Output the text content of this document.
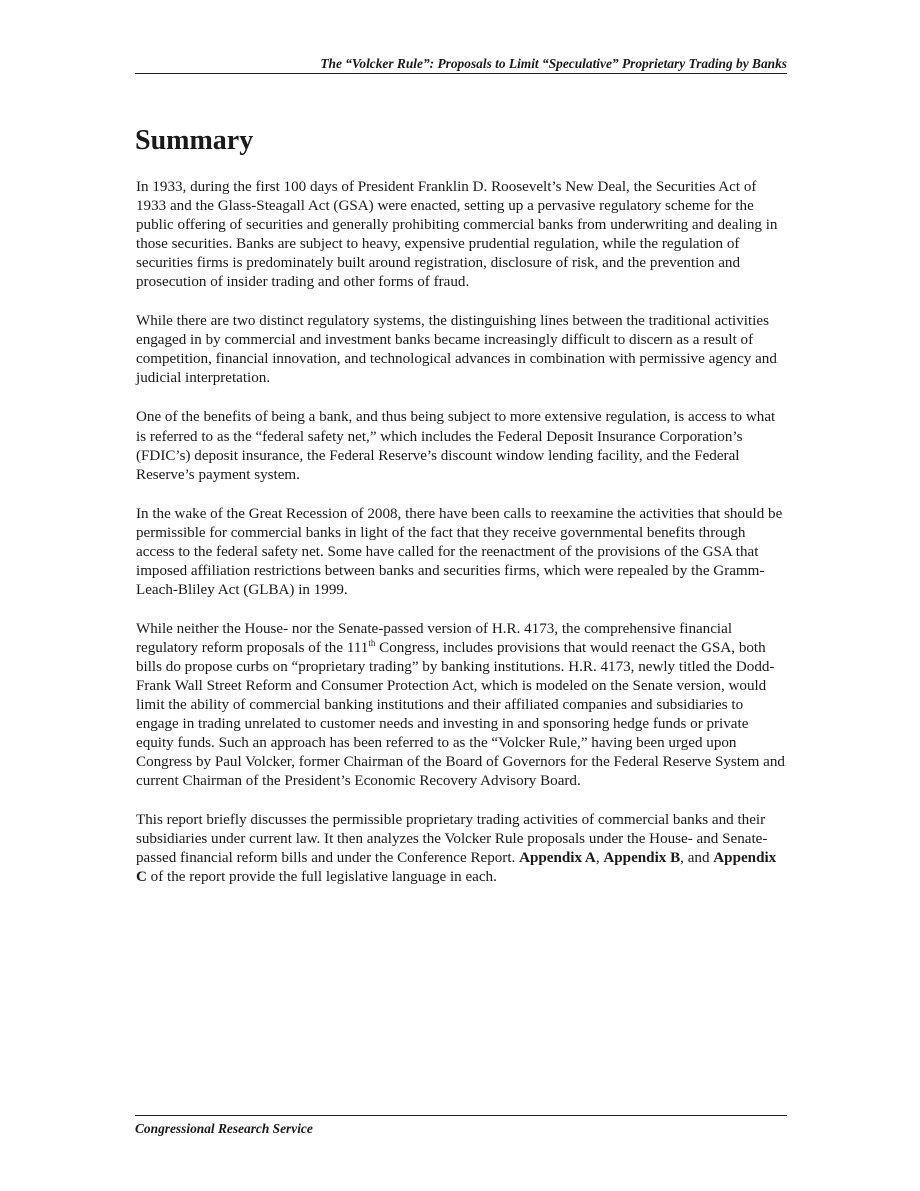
The “Volcker Rule”: Proposals to Limit “Speculative” Proprietary Trading by Banks
Summary

In 1933, during the first 100 days of President Franklin D. Roosevelt’s New Deal, the Securities Act of 1933 and the Glass-Steagall Act (GSA) were enacted, setting up a pervasive regulatory scheme for the public offering of securities and generally prohibiting commercial banks from underwriting and dealing in those securities. Banks are subject to heavy, expensive prudential regulation, while the regulation of securities firms is predominately built around registration, disclosure of risk, and the prevention and prosecution of insider trading and other forms of fraud.

While there are two distinct regulatory systems, the distinguishing lines between the traditional activities engaged in by commercial and investment banks became increasingly difficult to discern as a result of competition, financial innovation, and technological advances in combination with permissive agency and judicial interpretation.

One of the benefits of being a bank, and thus being subject to more extensive regulation, is access to what is referred to as the “federal safety net,” which includes the Federal Deposit Insurance Corporation’s (FDIC’s) deposit insurance, the Federal Reserve’s discount window lending facility, and the Federal Reserve’s payment system.

In the wake of the Great Recession of 2008, there have been calls to reexamine the activities that should be permissible for commercial banks in light of the fact that they receive governmental benefits through access to the federal safety net. Some have called for the reenactment of the provisions of the GSA that imposed affiliation restrictions between banks and securities firms, which were repealed by the Gramm-Leach-Bliley Act (GLBA) in 1999.

While neither the House- nor the Senate-passed version of H.R. 4173, the comprehensive financial regulatory reform proposals of the 111th Congress, includes provisions that would reenact the GSA, both bills do propose curbs on “proprietary trading” by banking institutions. H.R. 4173, newly titled the Dodd-Frank Wall Street Reform and Consumer Protection Act, which is modeled on the Senate version, would limit the ability of commercial banking institutions and their affiliated companies and subsidiaries to engage in trading unrelated to customer needs and investing in and sponsoring hedge funds or private equity funds. Such an approach has been referred to as the “Volcker Rule,” having been urged upon Congress by Paul Volcker, former Chairman of the Board of Governors for the Federal Reserve System and current Chairman of the President’s Economic Recovery Advisory Board.

This report briefly discusses the permissible proprietary trading activities of commercial banks and their subsidiaries under current law. It then analyzes the Volcker Rule proposals under the House- and Senate-passed financial reform bills and under the Conference Report. Appendix A, Appendix B, and Appendix C of the report provide the full legislative language in each.

Congressional Research Service
